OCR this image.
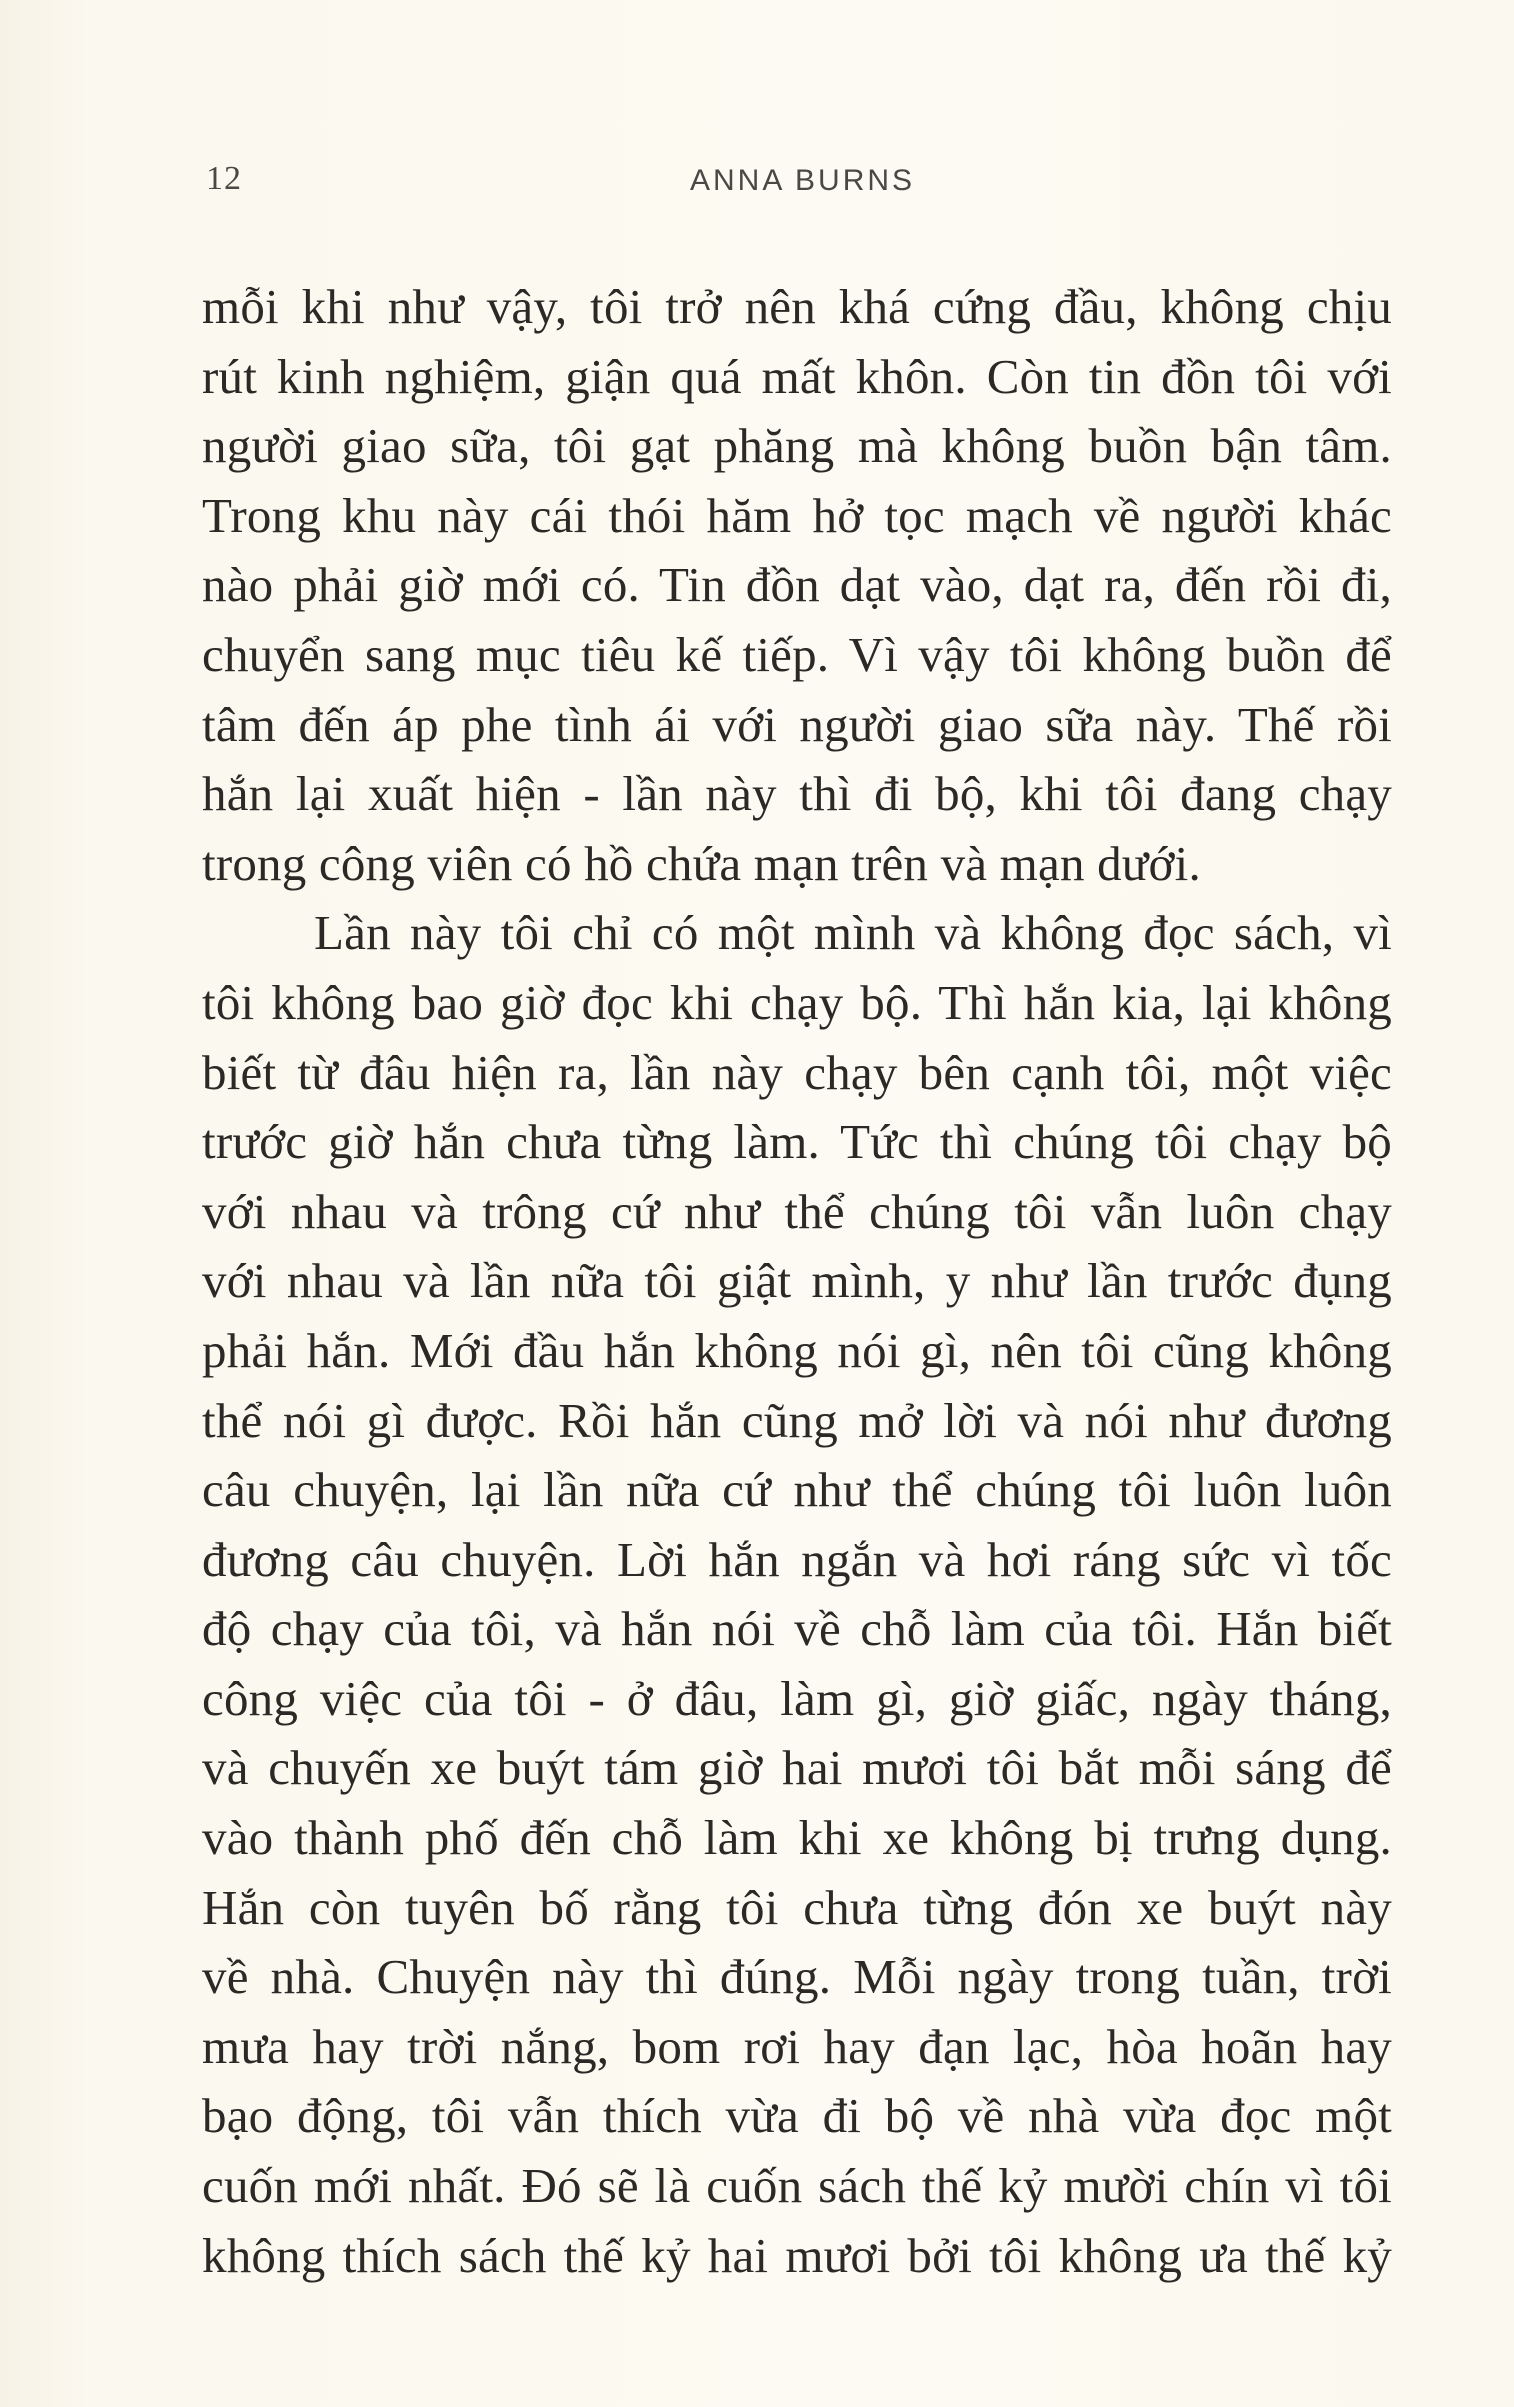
12	ANNA BURNS
mỗi khi như vậy, tôi trở nên khá cứng đầu, không chịu
rút kinh nghiệm, giận quá mất khôn. Còn tin đồn tôi với
người giao sữa, tôi gạt phăng mà không buồn bận tâm.
Trong khu này cái thói hăm hở tọc mạch về người khác
nào phải giờ mới có. Tin đồn dạt vào, dạt ra, đến rồi đi,
chuyển sang mục tiêu kế tiếp. Vì vậy tôi không buồn để
tâm đến áp phe tình ái với người giao sữa này. Thế rồi
hắn lại xuất hiện - lần này thì đi bộ, khi tôi đang chạy
trong công viên có hồ chứa mạn trên và mạn dưới.
Lần này tôi chỉ có một mình và không đọc sách, vì
tôi không bao giờ đọc khi chạy bộ. Thì hắn kia, lại không
biết từ đâu hiện ra, lần này chạy bên cạnh tôi, một việc
trước giờ hắn chưa từng làm. Tức thì chúng tôi chạy bộ
với nhau và trông cứ như thể chúng tôi vẫn luôn chạy
với nhau và lần nữa tôi giật mình, y như lần trước đụng
phải hắn. Mới đầu hắn không nói gì, nên tôi cũng không
thể nói gì được. Rồi hắn cũng mở lời và nói như đương
câu chuyện, lại lần nữa cứ như thể chúng tôi luôn luôn
đương câu chuyện. Lời hắn ngắn và hơi ráng sức vì tốc
độ chạy của tôi, và hắn nói về chỗ làm của tôi. Hắn biết
công việc của tôi - ở đâu, làm gì, giờ giấc, ngày tháng,
và chuyến xe buýt tám giờ hai mươi tôi bắt mỗi sáng để
vào thành phố đến chỗ làm khi xe không bị trưng dụng.
Hắn còn tuyên bố rằng tôi chưa từng đón xe buýt này
về nhà. Chuyện này thì đúng. Mỗi ngày trong tuần, trời
mưa hay trời nắng, bom rơi hay đạn lạc, hòa hoãn hay
bạo động, tôi vẫn thích vừa đi bộ về nhà vừa đọc một
cuốn mới nhất. Đó sẽ là cuốn sách thế kỷ mười chín vì tôi
không thích sách thế kỷ hai mươi bởi tôi không ưa thế kỷ
